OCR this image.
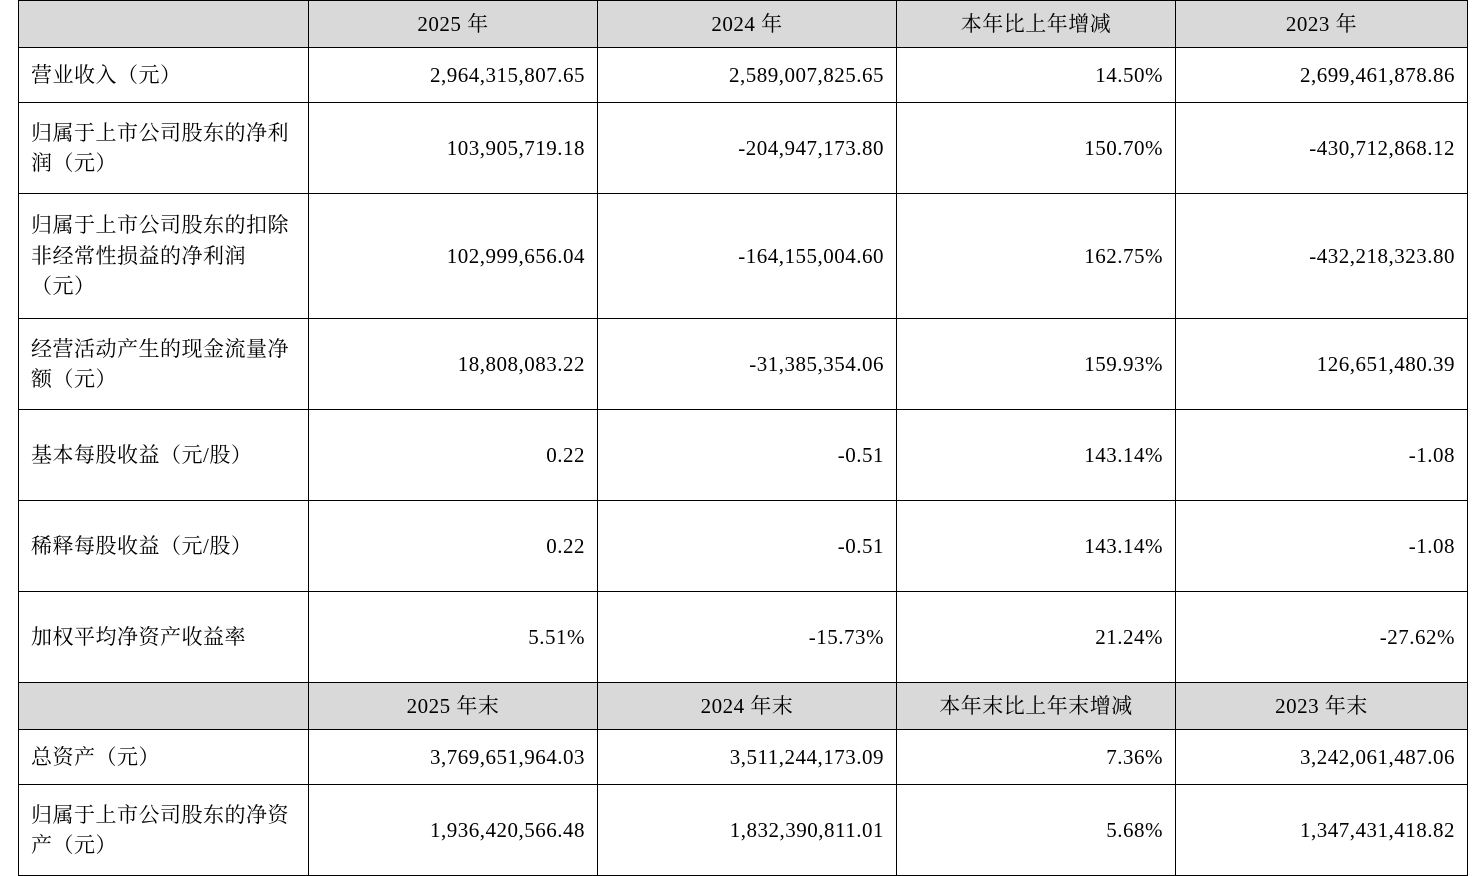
	2025 年	2024 年	本年比上年增减	2023 年
营业收入（元）	2,964,315,807.65	2,589,007,825.65	14.50%	2,699,461,878.86
归属于上市公司股东的净利润（元）	103,905,719.18	-204,947,173.80	150.70%	-430,712,868.12
归属于上市公司股东的扣除非经常性损益的净利润（元）	102,999,656.04	-164,155,004.60	162.75%	-432,218,323.80
经营活动产生的现金流量净额（元）	18,808,083.22	-31,385,354.06	159.93%	126,651,480.39
基本每股收益（元/股）	0.22	-0.51	143.14%	-1.08
稀释每股收益（元/股）	0.22	-0.51	143.14%	-1.08
加权平均净资产收益率	5.51%	-15.73%	21.24%	-27.62%
	2025 年末	2024 年末	本年末比上年末增减	2023 年末
总资产（元）	3,769,651,964.03	3,511,244,173.09	7.36%	3,242,061,487.06
归属于上市公司股东的净资产（元）	1,936,420,566.48	1,832,390,811.01	5.68%	1,347,431,418.82
